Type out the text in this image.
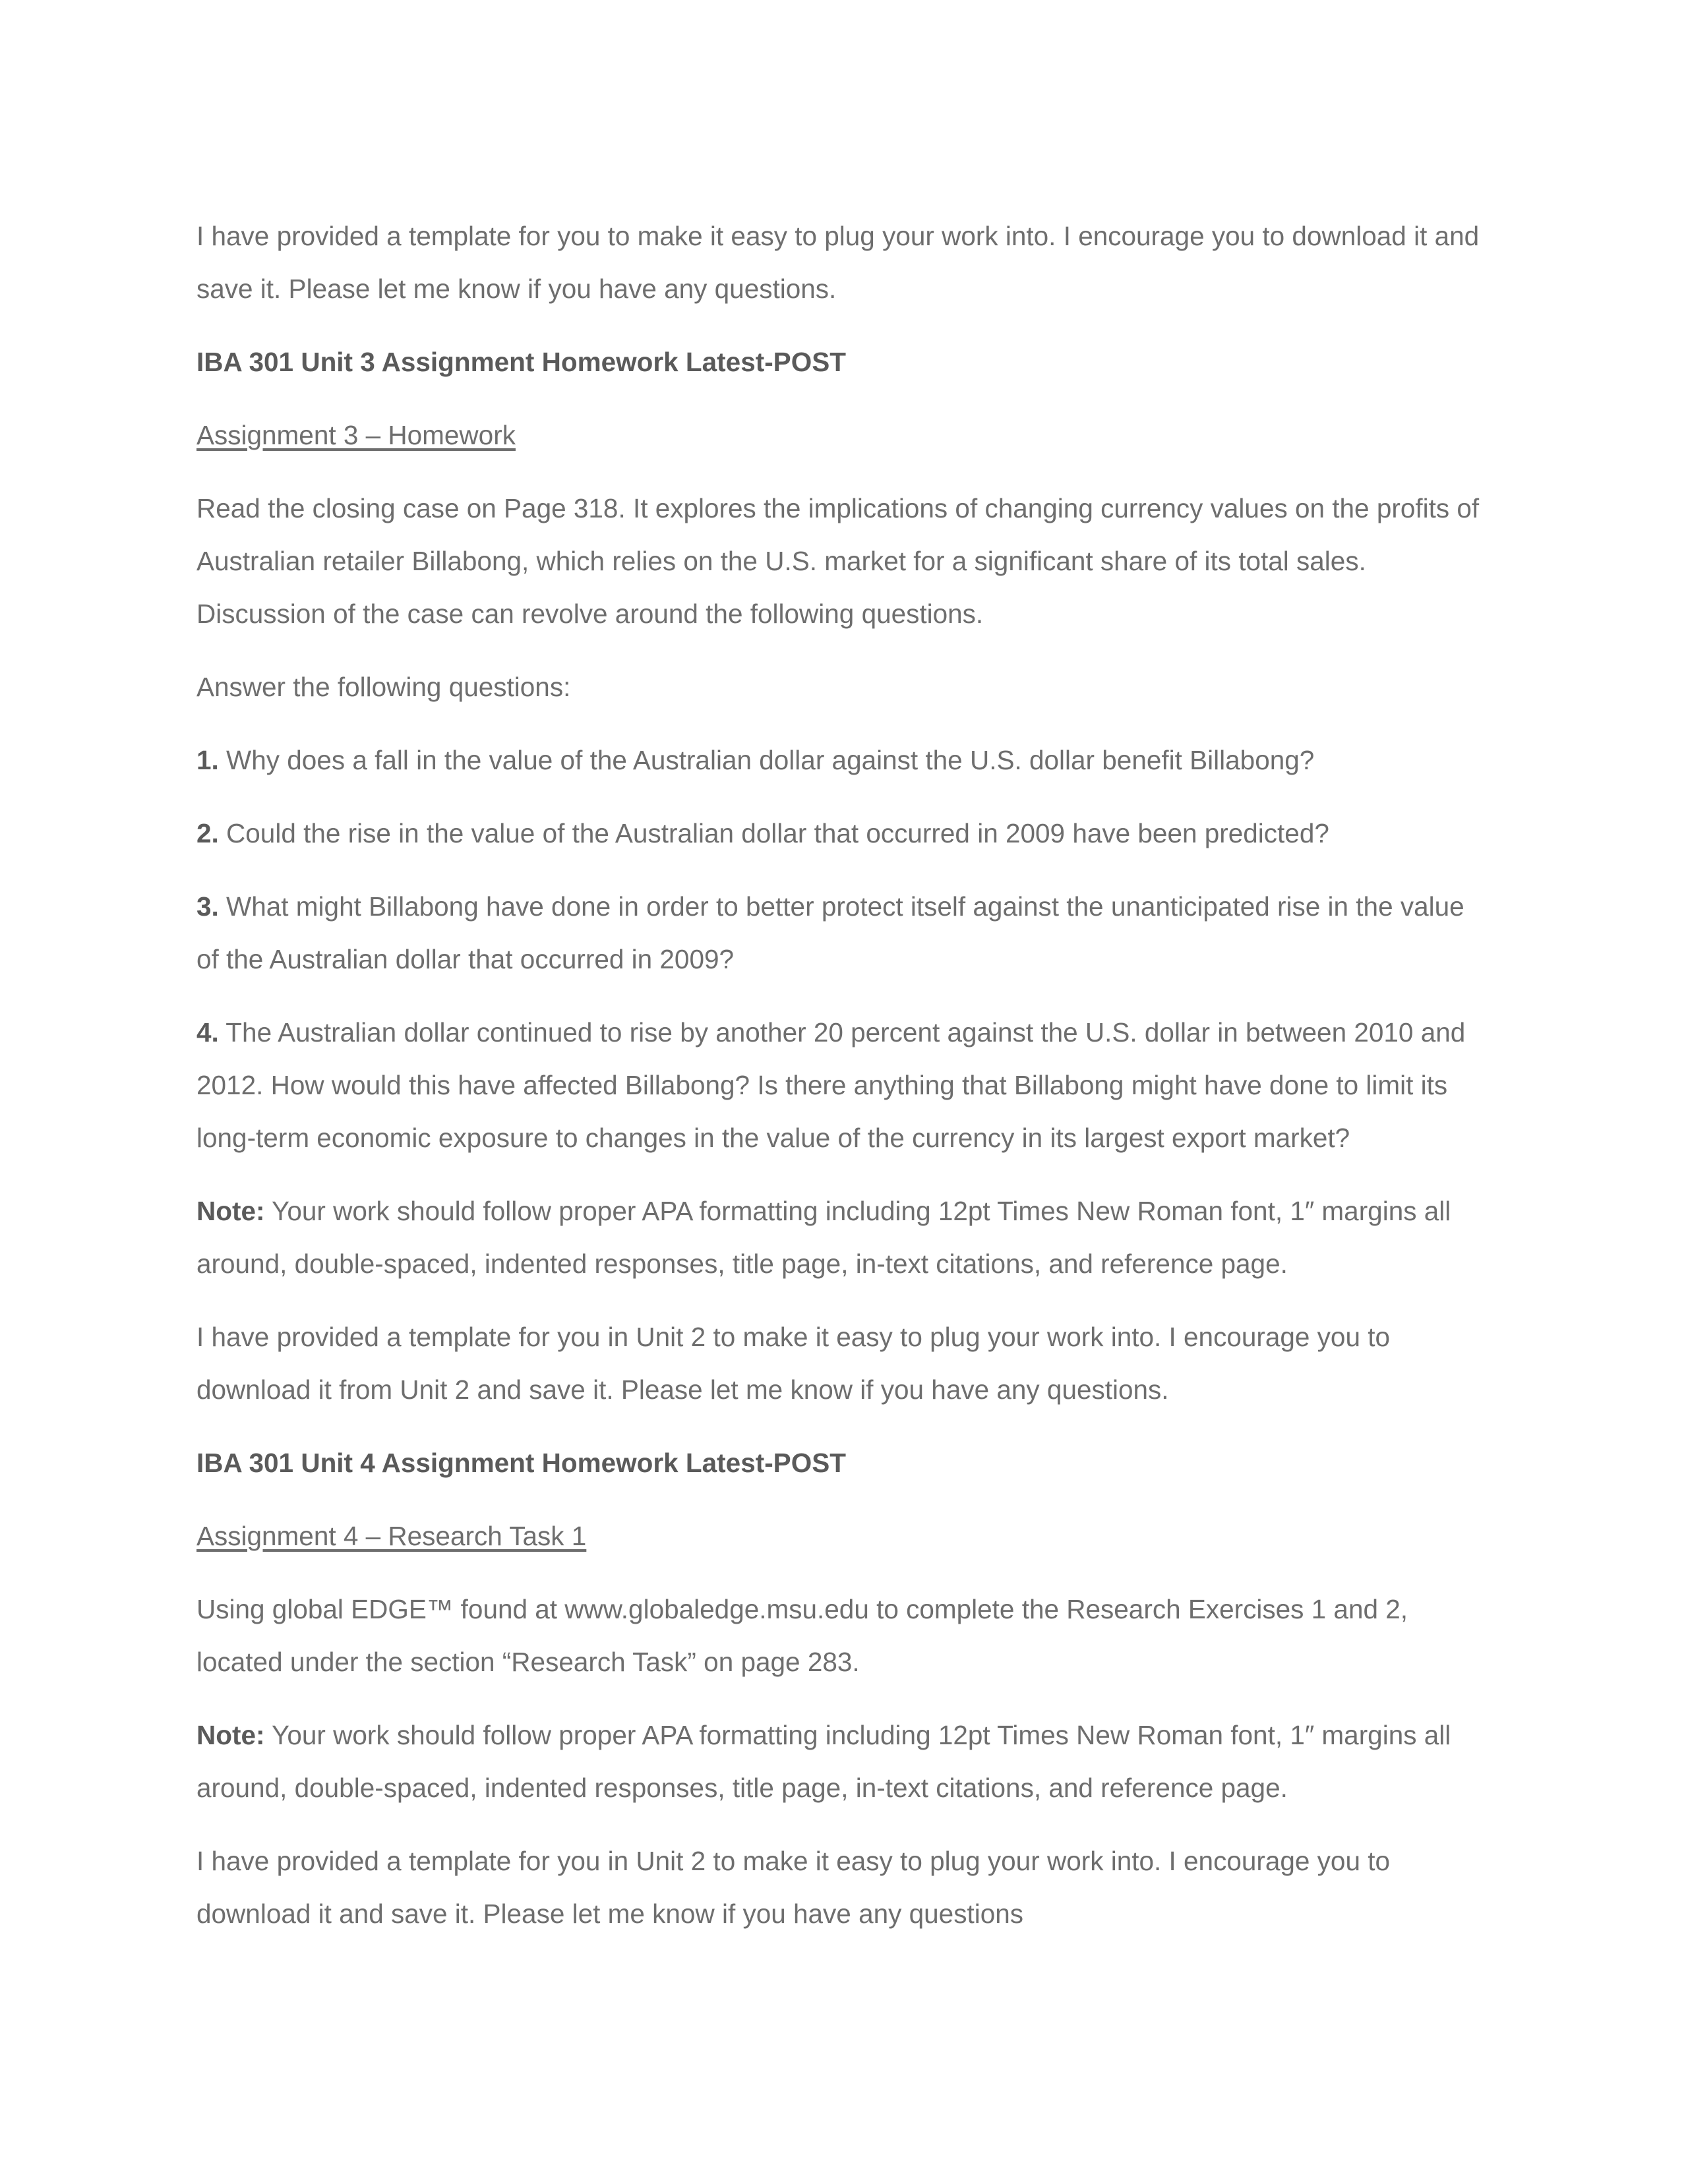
I have provided a template for you to make it easy to plug your work into. I encourage you to download it and save it. Please let me know if you have any questions.

IBA 301 Unit 3 Assignment Homework Latest-POST

Assignment 3 – Homework

Read the closing case on Page 318. It explores the implications of changing currency values on the profits of Australian retailer Billabong, which relies on the U.S. market for a significant share of its total sales. Discussion of the case can revolve around the following questions.

Answer the following questions:

1. Why does a fall in the value of the Australian dollar against the U.S. dollar benefit Billabong?

2. Could the rise in the value of the Australian dollar that occurred in 2009 have been predicted?

3. What might Billabong have done in order to better protect itself against the unanticipated rise in the value of the Australian dollar that occurred in 2009?

4. The Australian dollar continued to rise by another 20 percent against the U.S. dollar in between 2010 and 2012. How would this have affected Billabong? Is there anything that Billabong might have done to limit its long-term economic exposure to changes in the value of the currency in its largest export market?

Note: Your work should follow proper APA formatting including 12pt Times New Roman font, 1″ margins all around, double-spaced, indented responses, title page, in-text citations, and reference page.

I have provided a template for you in Unit 2 to make it easy to plug your work into. I encourage you to download it from Unit 2 and save it. Please let me know if you have any questions.

IBA 301 Unit 4 Assignment Homework Latest-POST

Assignment 4 – Research Task 1

Using global EDGE™ found at www.globaledge.msu.edu to complete the Research Exercises 1 and 2, located under the section “Research Task” on page 283.

Note: Your work should follow proper APA formatting including 12pt Times New Roman font, 1″ margins all around, double-spaced, indented responses, title page, in-text citations, and reference page.

I have provided a template for you in Unit 2 to make it easy to plug your work into. I encourage you to download it and save it. Please let me know if you have any questions
